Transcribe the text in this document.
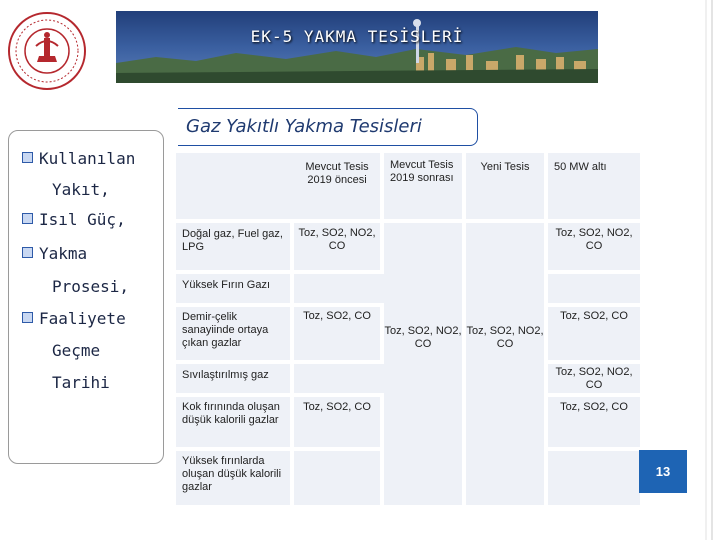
EK-5 YAKMA TESİSLERİ
Gaz Yakıtlı Yakma Tesisleri
Kullanılan
Yakıt,
Isıl Güç,
Yakma
Prosesi,
Faaliyete
Geçme
Tarihi
Mevcut Tesis 2019 öncesi
Mevcut Tesis 2019 sonrası
Yeni Tesis	50 MW altı
Doğal gaz, Fuel gaz, LPG
Yüksek Fırın Gazı
Demir-çelik sanayiinde ortaya çıkan gazlar
Sıvılaştırılmış gaz
Kok fırınında oluşan düşük kalorili gazlar
Yüksek fırınlarda oluşan düşük kalorili gazlar
Toz, SO2, NO2, CO
Toz, SO2, CO
Toz, SO2, CO
Toz, SO2, NO2, CO
Toz, SO2, NO2, CO
Toz, SO2, NO2, CO
Toz, SO2, CO
Toz, SO2, NO2, CO
Toz, SO2, CO
13
